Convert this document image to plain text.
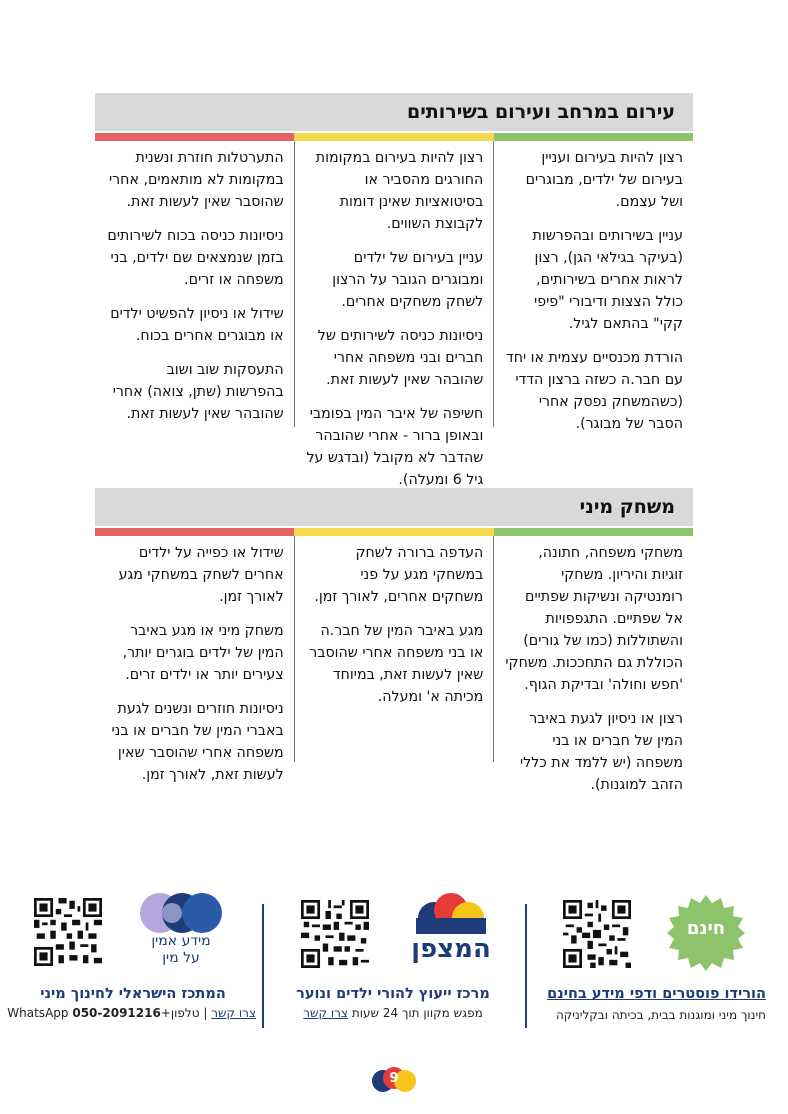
עירום במרחב ועירום בשירותים

רצון להיות בעירום ועניין בעירום של ילדים, מבוגרים ושל עצמם.

עניין בשירותים ובהפרשות (בעיקר בגילאי הגן), רצון לראות אחרים בשירותים, כולל הצצות ודיבורי "פיפי קקי" בהתאם לגיל.

הורדת מכנסיים עצמית או יחד עם חבר.ה כשזה ברצון הדדי (כשהמשחק נפסק אחרי הסבר של מבוגר).

רצון להיות בעירום במקומות החורגים מהסביר או בסיטואציות שאינן דומות לקבוצת השווים.

עניין בעירום של ילדים ומבוגרים הגובר על הרצון לשחק משחקים אחרים.

ניסיונות כניסה לשירותים של חברים ובני משפחה אחרי שהובהר שאין לעשות זאת.

חשיפה של איבר המין בפומבי ובאופן ברור - אחרי שהובהר שהדבר לא מקובל (ובדגש על גיל 6 ומעלה).

התערטלות חוזרת ונשנית במקומות לא מותאמים, אחרי שהוסבר שאין לעשות זאת.

ניסיונות כניסה בכוח לשירותים בזמן שנמצאים שם ילדים, בני משפחה או זרים.

שידול או ניסיון להפשיט ילדים או מבוגרים אחרים בכוח.

התעסקות שוב ושוב בהפרשות (שתן, צואה) אחרי שהובהר שאין לעשות זאת.

משחק מיני

משחקי משפחה, חתונה, זוגיות והיריון. משחקי רומנטיקה ונשיקות שפתיים אל שפתיים. התגפפויות והשתוללות (כמו של גורים) הכוללת גם התחככות. משחקי 'חפש וחולה' ובדיקת הגוף.

רצון או ניסיון לגעת באיבר המין של חברים או בני משפחה (יש ללמד את כללי הזהב למוגנות).

העדפה ברורה לשחק במשחקי מגע על פני משחקים אחרים, לאורך זמן.

מגע באיבר המין של חבר.ה או בני משפחה אחרי שהוסבר שאין לעשות זאת, במיוחד מכיתה א' ומעלה.

שידול או כפייה על ילדים אחרים לשחק במשחקי מגע לאורך זמן.

משחק מיני או מגע באיבר המין של ילדים בוגרים יותר, צעירים יותר או ילדים זרים.

ניסיונות חוזרים ונשנים לגעת באברי המין של חברים או בני משפחה אחרי שהוסבר שאין לעשות זאת, לאורך זמן.

חינם
הורידו פוסטרים ודפי מידע בחינם
חינוך מיני ומוגנות בבית, בכיתה ובקליניקה
המצפן
מרכז ייעוץ להורי ילדים ונוער
מפגש מקוון תוך 24 שעות צרו קשר
מידע אמין
על מין
המתכז הישראלי לחינוך מיני
צרו קשר | טלפון+WhatsApp 050-2091216
9
